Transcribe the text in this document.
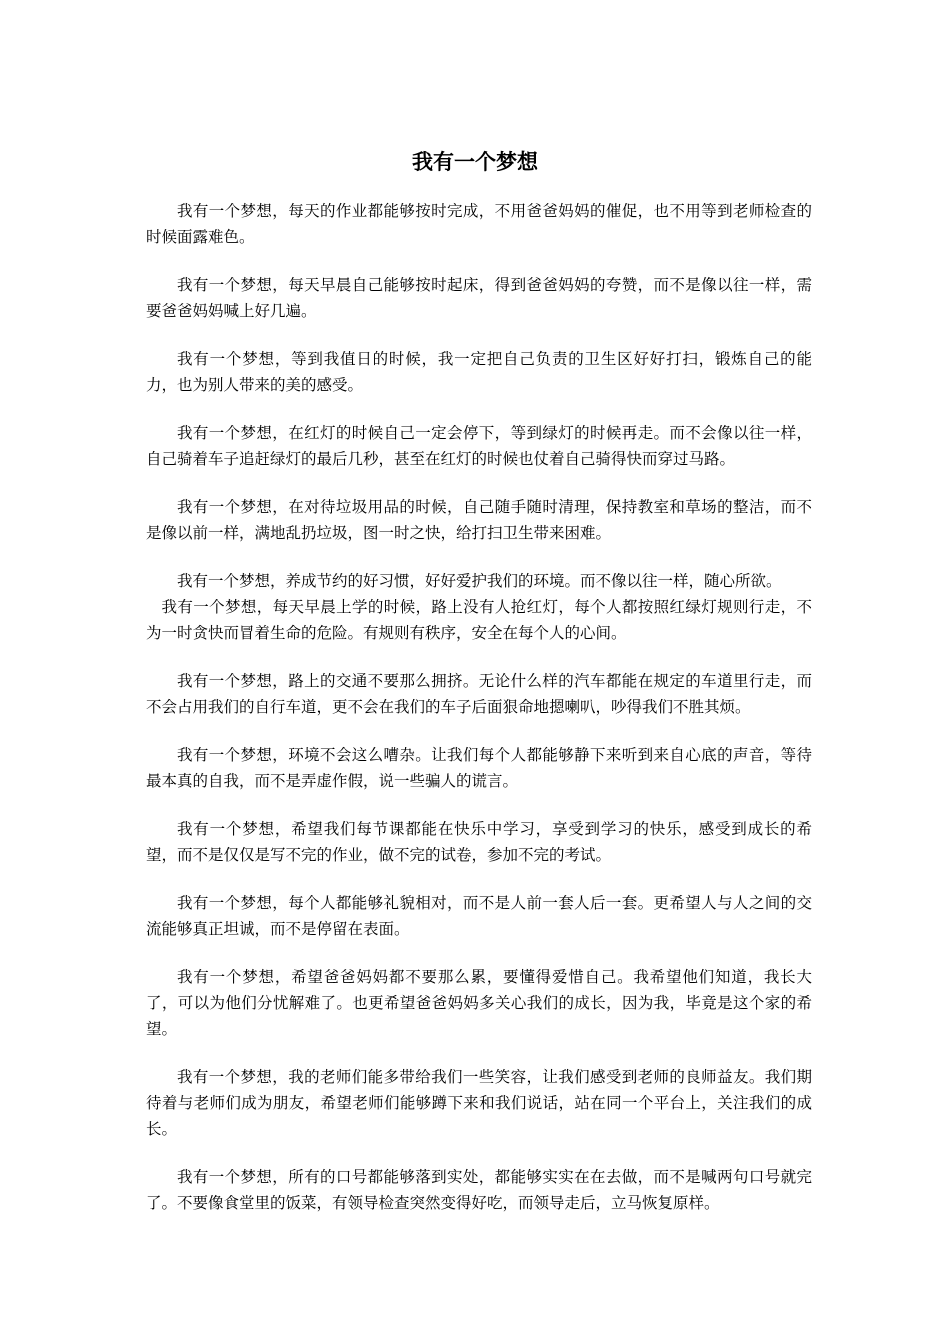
我有一个梦想

我有一个梦想，每天的作业都能够按时完成，不用爸爸妈妈的催促，也不用等到老师检查的时候面露难色。

我有一个梦想，每天早晨自己能够按时起床，得到爸爸妈妈的夸赞，而不是像以往一样，需要爸爸妈妈喊上好几遍。

我有一个梦想，等到我值日的时候，我一定把自己负责的卫生区好好打扫，锻炼自己的能力，也为别人带来的美的感受。

我有一个梦想，在红灯的时候自己一定会停下，等到绿灯的时候再走。而不会像以往一样，自己骑着车子追赶绿灯的最后几秒，甚至在红灯的时候也仗着自己骑得快而穿过马路。

我有一个梦想，在对待垃圾用品的时候，自己随手随时清理，保持教室和草场的整洁，而不是像以前一样，满地乱扔垃圾，图一时之快，给打扫卫生带来困难。

我有一个梦想，养成节约的好习惯，好好爱护我们的环境。而不像以往一样，随心所欲。

我有一个梦想，每天早晨上学的时候，路上没有人抢红灯，每个人都按照红绿灯规则行走，不为一时贪快而冒着生命的危险。有规则有秩序，安全在每个人的心间。

我有一个梦想，路上的交通不要那么拥挤。无论什么样的汽车都能在规定的车道里行走，而不会占用我们的自行车道，更不会在我们的车子后面狠命地摁喇叭，吵得我们不胜其烦。

我有一个梦想，环境不会这么嘈杂。让我们每个人都能够静下来听到来自心底的声音，等待最本真的自我，而不是弄虚作假，说一些骗人的谎言。

我有一个梦想，希望我们每节课都能在快乐中学习，享受到学习的快乐，感受到成长的希望，而不是仅仅是写不完的作业，做不完的试卷，参加不完的考试。

我有一个梦想，每个人都能够礼貌相对，而不是人前一套人后一套。更希望人与人之间的交流能够真正坦诚，而不是停留在表面。

我有一个梦想，希望爸爸妈妈都不要那么累，要懂得爱惜自己。我希望他们知道，我长大了，可以为他们分忧解难了。也更希望爸爸妈妈多关心我们的成长，因为我，毕竟是这个家的希望。

我有一个梦想，我的老师们能多带给我们一些笑容，让我们感受到老师的良师益友。我们期待着与老师们成为朋友，希望老师们能够蹲下来和我们说话，站在同一个平台上，关注我们的成长。

我有一个梦想，所有的口号都能够落到实处，都能够实实在在去做，而不是喊两句口号就完了。不要像食堂里的饭菜，有领导检查突然变得好吃，而领导走后，立马恢复原样。
